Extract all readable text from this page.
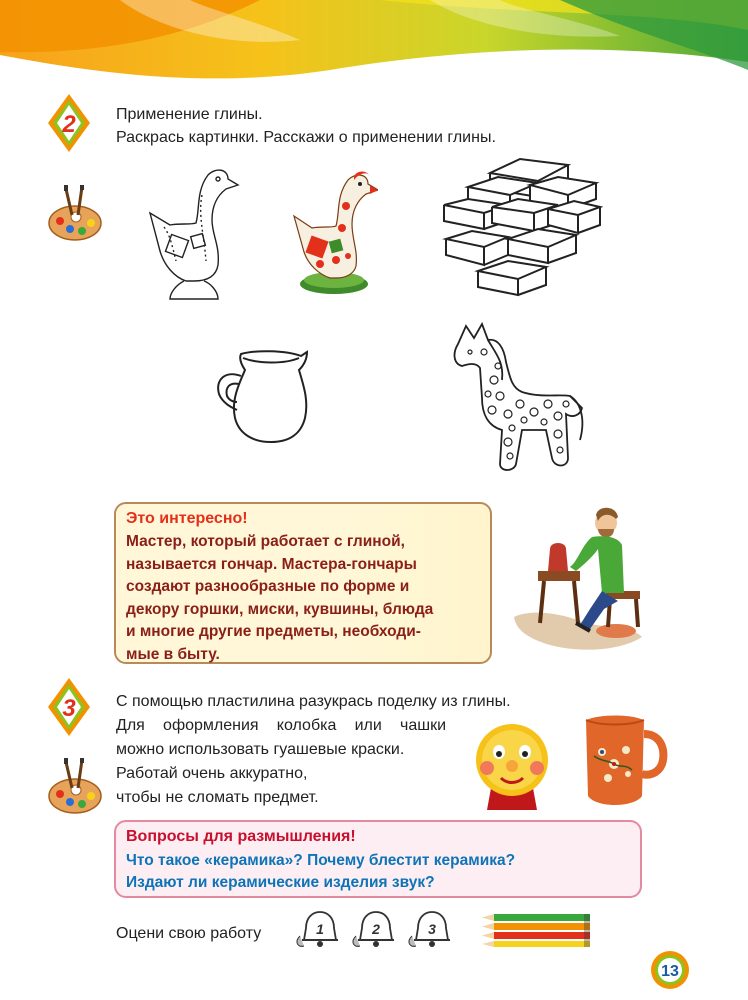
2	Применение глины.
Раскрась картинки. Расскажи о применении глины.
Это интересно!
Мастер, который работает с глиной,
называется гончар. Мастера-гончары
создают разнообразные по форме и
декору горшки, миски, кувшины, блюда
и многие другие предметы, необходи-
мые в быту.
3	С помощью пластилина разукрась поделку из глины.
Для оформления колобка или чашки
можно использовать гуашевые краски.
Работай очень аккуратно,
чтобы не сломать предмет.
Вопросы для размышления!
Что такое «керамика»? Почему блестит керамика?
Издают ли керамические изделия звук?
Оцени свою работу	1	2	3
13
